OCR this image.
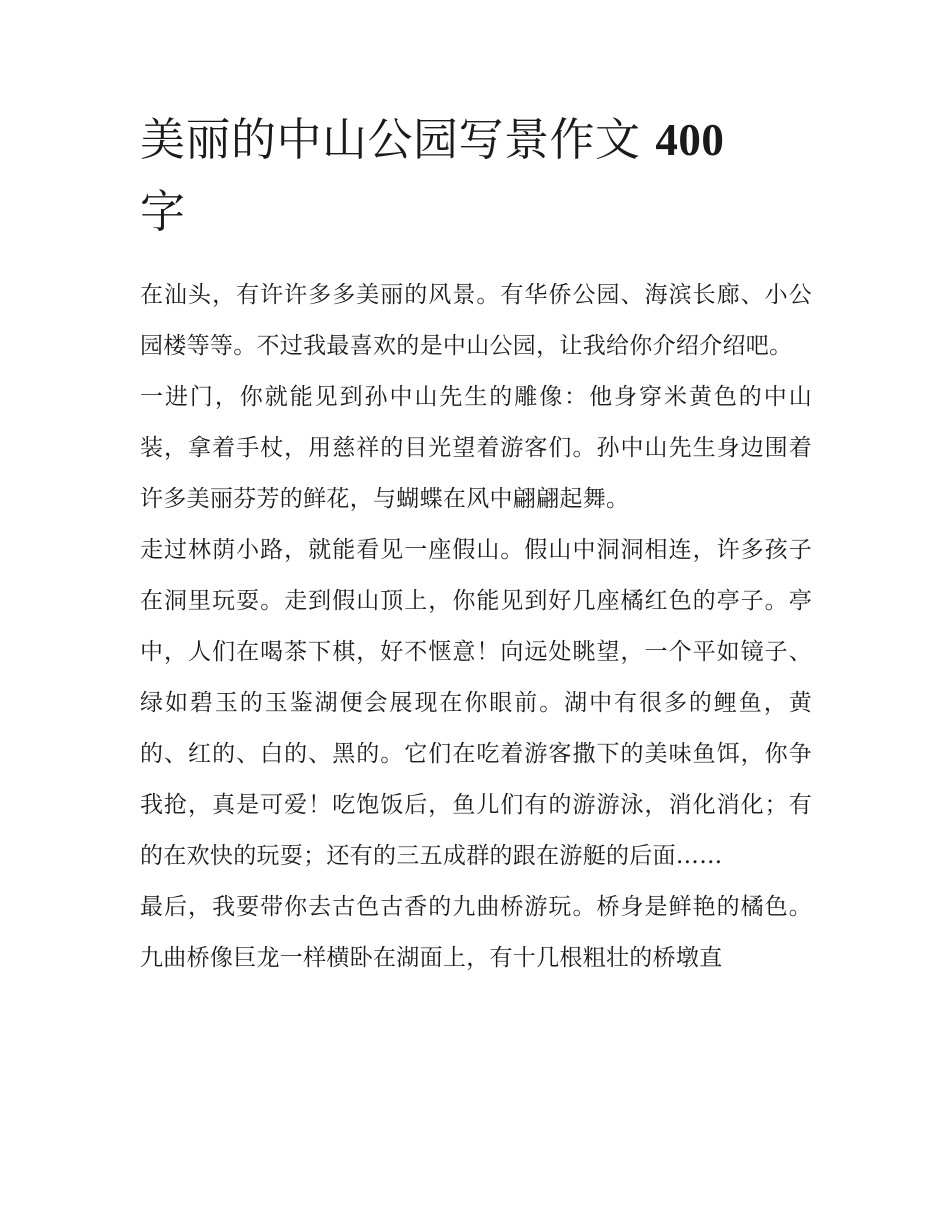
美丽的中山公园写景作文 400
字

在汕头，有许许多多美丽的风景。有华侨公园、海滨长廊、小公园楼等等。不过我最喜欢的是中山公园，让我给你介绍介绍吧。

一进门，你就能见到孙中山先生的雕像：他身穿米黄色的中山装，拿着手杖，用慈祥的目光望着游客们。孙中山先生身边围着许多美丽芬芳的鲜花，与蝴蝶在风中翩翩起舞。

走过林荫小路，就能看见一座假山。假山中洞洞相连，许多孩子在洞里玩耍。走到假山顶上，你能见到好几座橘红色的亭子。亭中，人们在喝茶下棋，好不惬意！向远处眺望，一个平如镜子、绿如碧玉的玉鉴湖便会展现在你眼前。湖中有很多的鲤鱼，黄的、红的、白的、黑的。它们在吃着游客撒下的美味鱼饵，你争我抢，真是可爱！吃饱饭后，鱼儿们有的游游泳，消化消化；有的在欢快的玩耍；还有的三五成群的跟在游艇的后面……

最后，我要带你去古色古香的九曲桥游玩。桥身是鲜艳的橘色。九曲桥像巨龙一样横卧在湖面上，有十几根粗壮的桥墩直
